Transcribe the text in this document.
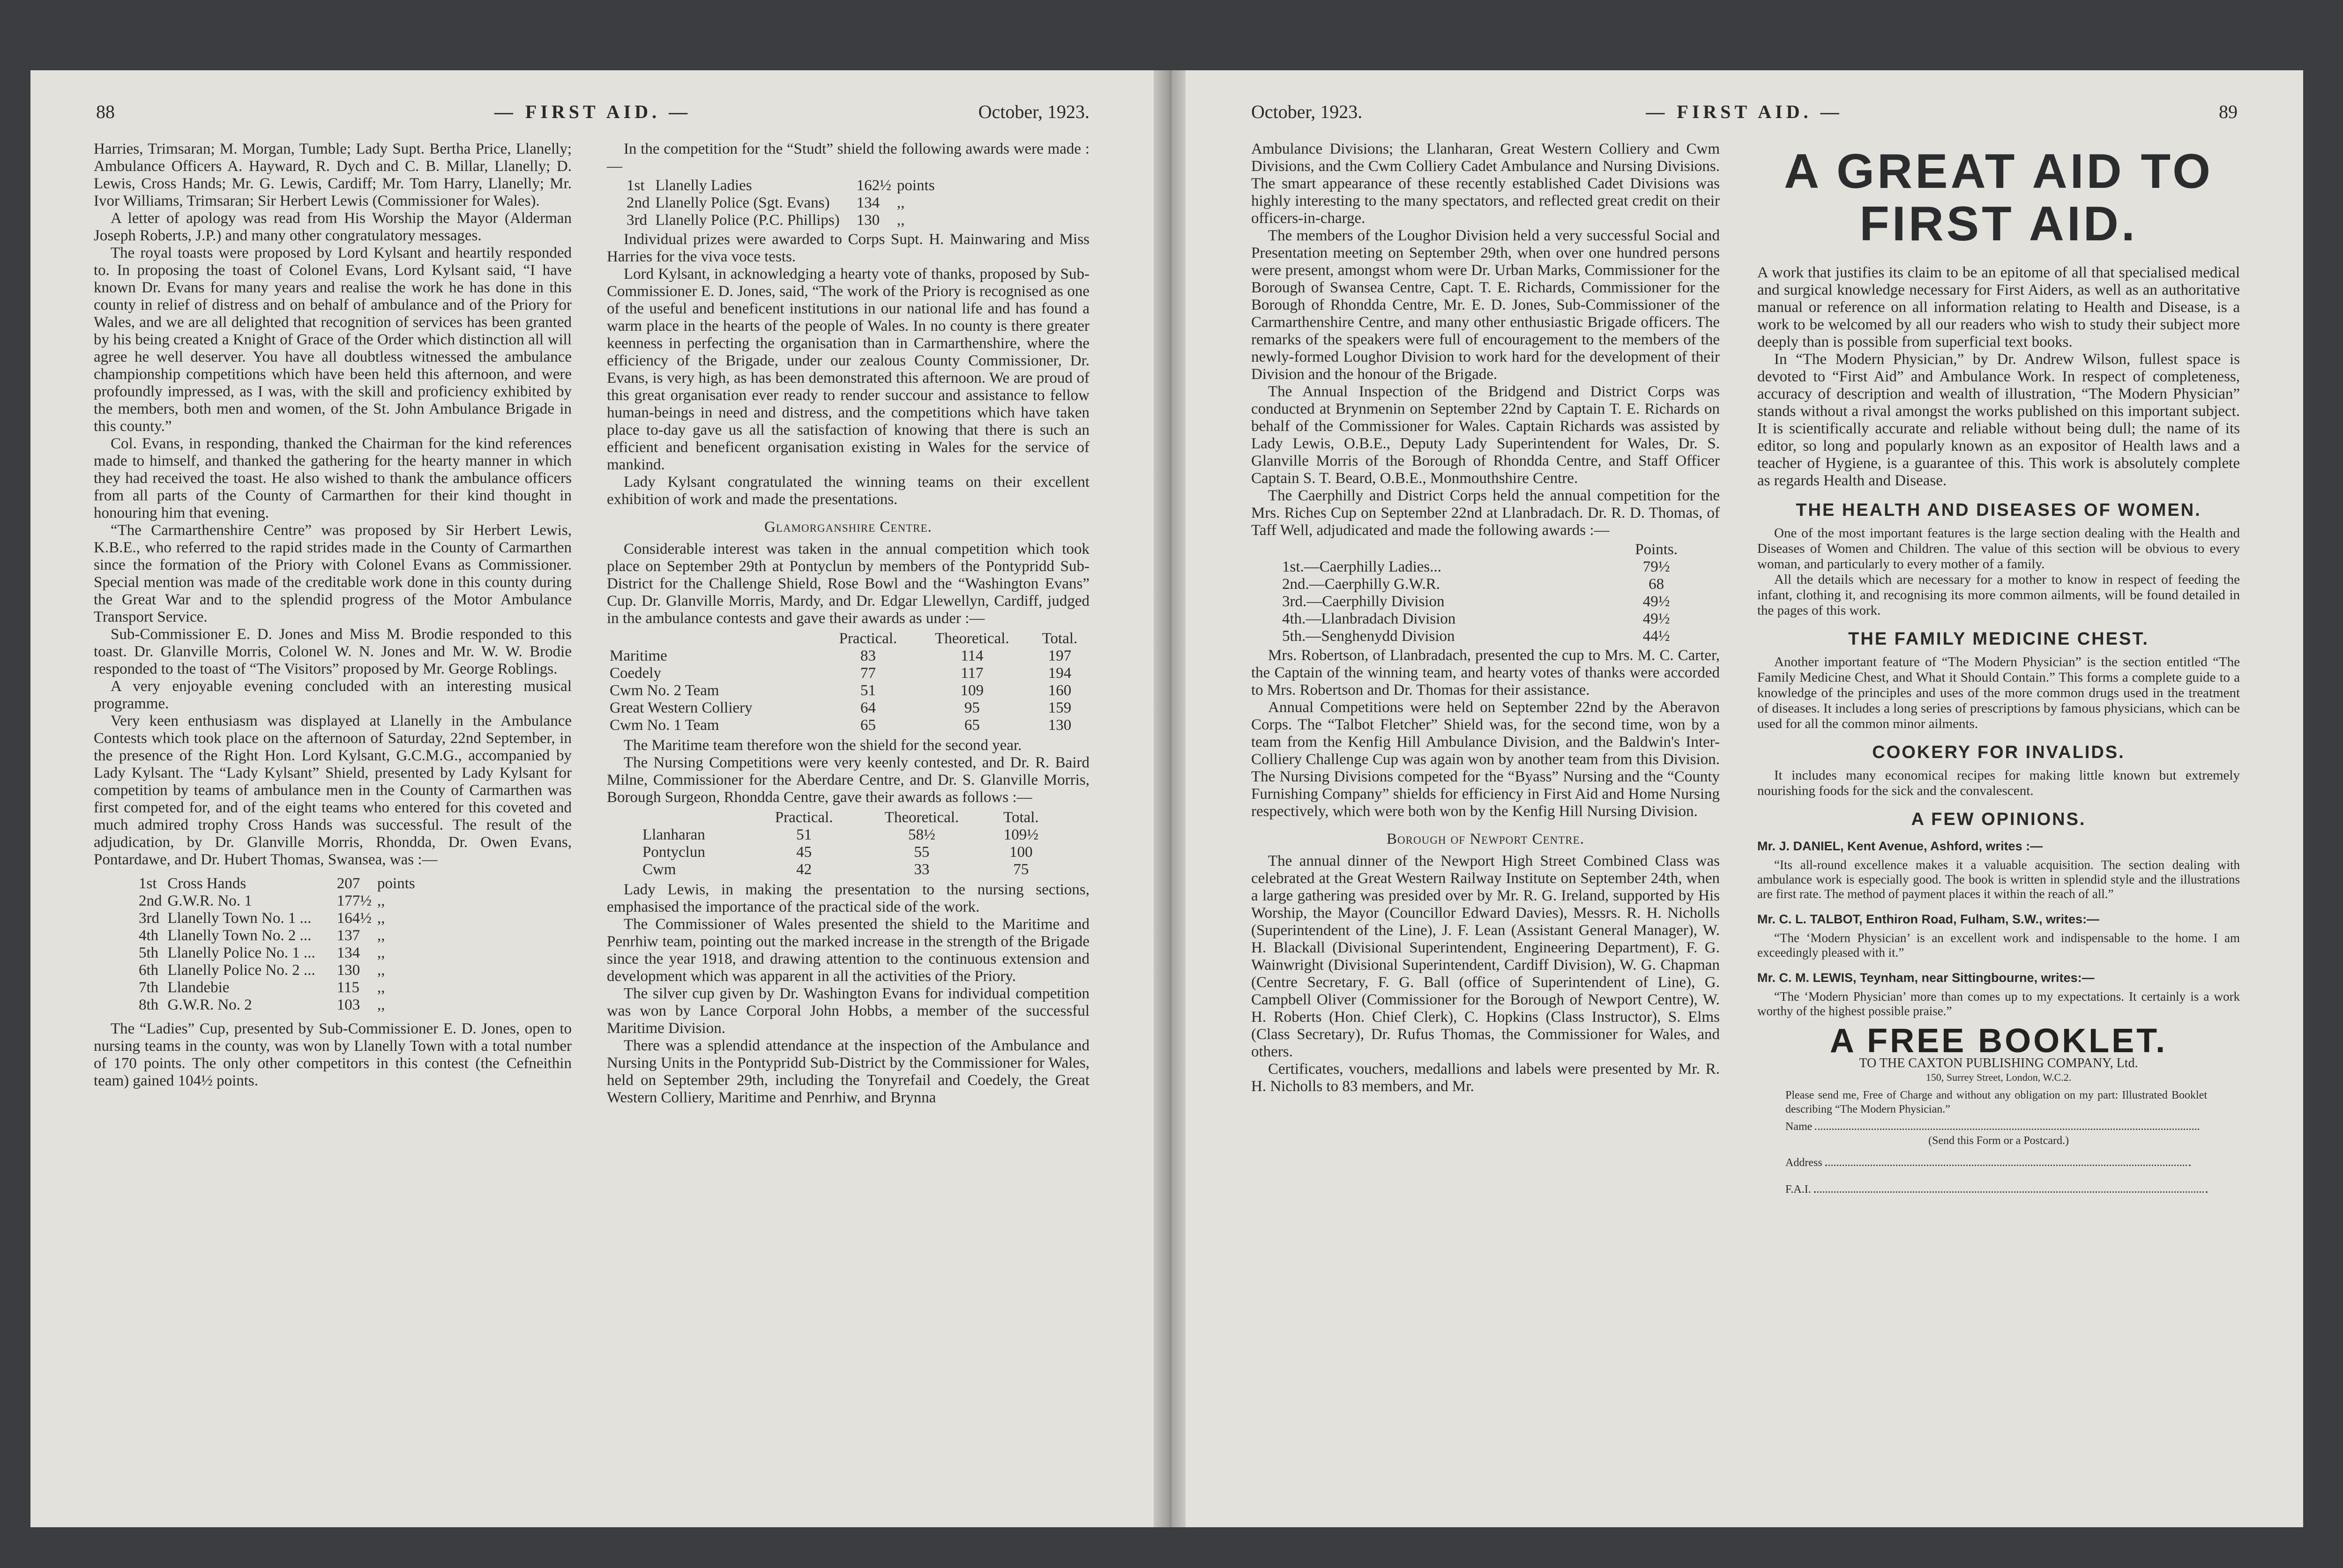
88	— FIRST AID. —	October, 1923.

Harries, Trimsaran; M. Morgan, Tumble; Lady Supt. Bertha Price, Llanelly; Ambulance Officers A. Hayward, R. Dych and C. B. Millar, Llanelly; D. Lewis, Cross Hands; Mr. G. Lewis, Cardiff; Mr. Tom Harry, Llanelly; Mr. Ivor Williams, Trimsaran; Sir Herbert Lewis (Commissioner for Wales).

A letter of apology was read from His Worship the Mayor (Alderman Joseph Roberts, J.P.) and many other congratulatory messages.

The royal toasts were proposed by Lord Kylsant and heartily responded to. In proposing the toast of Colonel Evans, Lord Kylsant said, “I have known Dr. Evans for many years and realise the work he has done in this county in relief of distress and on behalf of ambulance and of the Priory for Wales, and we are all delighted that recognition of services has been granted by his being created a Knight of Grace of the Order which distinction all will agree he well deserver. You have all doubtless witnessed the ambulance championship competitions which have been held this afternoon, and were profoundly impressed, as I was, with the skill and proficiency exhibited by the members, both men and women, of the St. John Ambulance Brigade in this county.”

Col. Evans, in responding, thanked the Chairman for the kind references made to himself, and thanked the gathering for the hearty manner in which they had received the toast. He also wished to thank the ambulance officers from all parts of the County of Carmarthen for their kind thought in honouring him that evening.

“The Carmarthenshire Centre” was proposed by Sir Herbert Lewis, K.B.E., who referred to the rapid strides made in the County of Carmarthen since the formation of the Priory with Colonel Evans as Commissioner. Special mention was made of the creditable work done in this county during the Great War and to the splendid progress of the Motor Ambulance Transport Service.

Sub-Commissioner E. D. Jones and Miss M. Brodie responded to this toast. Dr. Glanville Morris, Colonel W. N. Jones and Mr. W. W. Brodie responded to the toast of “The Visitors” proposed by Mr. George Roblings.

A very enjoyable evening concluded with an interesting musical programme.

Very keen enthusiasm was displayed at Llanelly in the Ambulance Contests which took place on the afternoon of Saturday, 22nd September, in the presence of the Right Hon. Lord Kylsant, G.C.M.G., accompanied by Lady Kylsant. The “Lady Kylsant” Shield, presented by Lady Kylsant for competition by teams of ambulance men in the County of Carmarthen was first competed for, and of the eight teams who entered for this coveted and much admired trophy Cross Hands was successful. The result of the adjudication, by Dr. Glanville Morris, Rhondda, Dr. Owen Evans, Pontardawe, and Dr. Hubert Thomas, Swansea, was :—

1st	Cross Hands	207	points
2nd	G.W.R. No. 1	177½	,,
3rd	Llanelly Town No. 1 ...	164½	,,
4th	Llanelly Town No. 2 ...	137	,,
5th	Llanelly Police No. 1 ...	134	,,
6th	Llanelly Police No. 2 ...	130	,,
7th	Llandebie	115	,,
8th	G.W.R. No. 2	103	,,

The “Ladies” Cup, presented by Sub-Commissioner E. D. Jones, open to nursing teams in the county, was won by Llanelly Town with a total number of 170 points. The only other competitors in this contest (the Cefneithin team) gained 104½ points.

In the competition for the “Studt” shield the following awards were made :—

1st	Llanelly Ladies	162½	points
2nd	Llanelly Police (Sgt. Evans)	134	,,
3rd	Llanelly Police (P.C. Phillips)	130	,,

Individual prizes were awarded to Corps Supt. H. Mainwaring and Miss Harries for the viva voce tests.

Lord Kylsant, in acknowledging a hearty vote of thanks, proposed by Sub-Commissioner E. D. Jones, said, “The work of the Priory is recognised as one of the useful and beneficent institutions in our national life and has found a warm place in the hearts of the people of Wales. In no county is there greater keenness in perfecting the organisation than in Carmarthenshire, where the efficiency of the Brigade, under our zealous County Commissioner, Dr. Evans, is very high, as has been demonstrated this afternoon. We are proud of this great organisation ever ready to render succour and assistance to fellow human-beings in need and distress, and the competitions which have taken place to-day gave us all the satisfaction of knowing that there is such an efficient and beneficent organisation existing in Wales for the service of mankind.

Lady Kylsant congratulated the winning teams on their excellent exhibition of work and made the presentations.

Glamorganshire Centre.

Considerable interest was taken in the annual competition which took place on September 29th at Pontyclun by members of the Pontypridd Sub-District for the Challenge Shield, Rose Bowl and the “Washington Evans” Cup. Dr. Glanville Morris, Mardy, and Dr. Edgar Llewellyn, Cardiff, judged in the ambulance contests and gave their awards as under :—

	Practical.	Theoretical.	Total.
Maritime	83	114	197
Coedely	77	117	194
Cwm No. 2 Team	51	109	160
Great Western Colliery	64	95	159
Cwm No. 1 Team	65	65	130

The Maritime team therefore won the shield for the second year.

The Nursing Competitions were very keenly contested, and Dr. R. Baird Milne, Commissioner for the Aberdare Centre, and Dr. S. Glanville Morris, Borough Surgeon, Rhondda Centre, gave their awards as follows :—

	Practical.	Theoretical.	Total.
Llanharan	51	58½	109½
Pontyclun	45	55	100
Cwm	42	33	75

Lady Lewis, in making the presentation to the nursing sections, emphasised the importance of the practical side of the work.

The Commissioner of Wales presented the shield to the Maritime and Penrhiw team, pointing out the marked increase in the strength of the Brigade since the year 1918, and drawing attention to the continuous extension and development which was apparent in all the activities of the Priory.

The silver cup given by Dr. Washington Evans for individual competition was won by Lance Corporal John Hobbs, a member of the successful Maritime Division.

There was a splendid attendance at the inspection of the Ambulance and Nursing Units in the Pontypridd Sub-District by the Commissioner for Wales, held on September 29th, including the Tonyrefail and Coedely, the Great Western Colliery, Maritime and Penrhiw, and Brynna

October, 1923.	— FIRST AID. —	89

Ambulance Divisions; the Llanharan, Great Western Colliery and Cwm Divisions, and the Cwm Colliery Cadet Ambulance and Nursing Divisions. The smart appearance of these recently established Cadet Divisions was highly interesting to the many spectators, and reflected great credit on their officers-in-charge.

The members of the Loughor Division held a very successful Social and Presentation meeting on September 29th, when over one hundred persons were present, amongst whom were Dr. Urban Marks, Commissioner for the Borough of Swansea Centre, Capt. T. E. Richards, Commissioner for the Borough of Rhondda Centre, Mr. E. D. Jones, Sub-Commissioner of the Carmarthenshire Centre, and many other enthusiastic Brigade officers. The remarks of the speakers were full of encouragement to the members of the newly-formed Loughor Division to work hard for the development of their Division and the honour of the Brigade.

The Annual Inspection of the Bridgend and District Corps was conducted at Brynmenin on September 22nd by Captain T. E. Richards on behalf of the Commissioner for Wales. Captain Richards was assisted by Lady Lewis, O.B.E., Deputy Lady Superintendent for Wales, Dr. S. Glanville Morris of the Borough of Rhondda Centre, and Staff Officer Captain S. T. Beard, O.B.E., Monmouthshire Centre.

The Caerphilly and District Corps held the annual competition for the Mrs. Riches Cup on September 22nd at Llanbradach. Dr. R. D. Thomas, of Taff Well, adjudicated and made the following awards :—

	Points.
1st.—Caerphilly Ladies...	79½
2nd.—Caerphilly G.W.R.	68
3rd.—Caerphilly Division	49½
4th.—Llanbradach Division	49½
5th.—Senghenydd Division	44½

Mrs. Robertson, of Llanbradach, presented the cup to Mrs. M. C. Carter, the Captain of the winning team, and hearty votes of thanks were accorded to Mrs. Robertson and Dr. Thomas for their assistance.

Annual Competitions were held on September 22nd by the Aberavon Corps. The “Talbot Fletcher” Shield was, for the second time, won by a team from the Kenfig Hill Ambulance Division, and the Baldwin's Inter-Colliery Challenge Cup was again won by another team from this Division. The Nursing Divisions competed for the “Byass” Nursing and the “County Furnishing Company” shields for efficiency in First Aid and Home Nursing respectively, which were both won by the Kenfig Hill Nursing Division.

Borough of Newport Centre.

The annual dinner of the Newport High Street Combined Class was celebrated at the Great Western Railway Institute on September 24th, when a large gathering was presided over by Mr. R. G. Ireland, supported by His Worship, the Mayor (Councillor Edward Davies), Messrs. R. H. Nicholls (Superintendent of the Line), J. F. Lean (Assistant General Manager), W. H. Blackall (Divisional Superintendent, Engineering Department), F. G. Wainwright (Divisional Superintendent, Cardiff Division), W. G. Chapman (Centre Secretary, F. G. Ball (office of Superintendent of Line), G. Campbell Oliver (Commissioner for the Borough of Newport Centre), W. H. Roberts (Hon. Chief Clerk), C. Hopkins (Class Instructor), S. Elms (Class Secretary), Dr. Rufus Thomas, the Commissioner for Wales, and others.

Certificates, vouchers, medallions and labels were presented by Mr. R. H. Nicholls to 83 members, and Mr.

A GREAT AID TO FIRST AID.

A work that justifies its claim to be an epitome of all that specialised medical and surgical knowledge necessary for First Aiders, as well as an authoritative manual or reference on all information relating to Health and Disease, is a work to be welcomed by all our readers who wish to study their subject more deeply than is possible from superficial text books.

In “The Modern Physician,” by Dr. Andrew Wilson, fullest space is devoted to “First Aid” and Ambulance Work. In respect of completeness, accuracy of description and wealth of illustration, “The Modern Physician” stands without a rival amongst the works published on this important subject. It is scientifically accurate and reliable without being dull; the name of its editor, so long and popularly known as an expositor of Health laws and a teacher of Hygiene, is a guarantee of this. This work is absolutely complete as regards Health and Disease.

THE HEALTH AND DISEASES OF WOMEN.

One of the most important features is the large section dealing with the Health and Diseases of Women and Children. The value of this section will be obvious to every woman, and particularly to every mother of a family.

All the details which are necessary for a mother to know in respect of feeding the infant, clothing it, and recognising its more common ailments, will be found detailed in the pages of this work.

THE FAMILY MEDICINE CHEST.

Another important feature of “The Modern Physician” is the section entitled “The Family Medicine Chest, and What it Should Contain.” This forms a complete guide to a knowledge of the principles and uses of the more common drugs used in the treatment of diseases. It includes a long series of prescriptions by famous physicians, which can be used for all the common minor ailments.

COOKERY FOR INVALIDS.

It includes many economical recipes for making little known but extremely nourishing foods for the sick and the convalescent.

A FEW OPINIONS.
Mr. J. DANIEL, Kent Avenue, Ashford, writes :—
“Its all-round excellence makes it a valuable acquisition. The section dealing with ambulance work is especially good. The book is written in splendid style and the illustrations are first rate. The method of payment places it within the reach of all.”
Mr. C. L. TALBOT, Enthiron Road, Fulham, S.W., writes:—
“The ‘Modern Physician’ is an excellent work and indispensable to the home. I am exceedingly pleased with it.”
Mr. C. M. LEWIS, Teynham, near Sittingbourne, writes:—
“The ‘Modern Physician’ more than comes up to my expectations. It certainly is a work worthy of the highest possible praise.”
A FREE BOOKLET.
TO THE CAXTON PUBLISHING COMPANY, Ltd.
150, Surrey Street, London, W.C.2.
Please send me, Free of Charge and without any obligation on my part: Illustrated Booklet describing “The Modern Physician.”
Name
(Send this Form or a Postcard.)
Address
F.A.I.
